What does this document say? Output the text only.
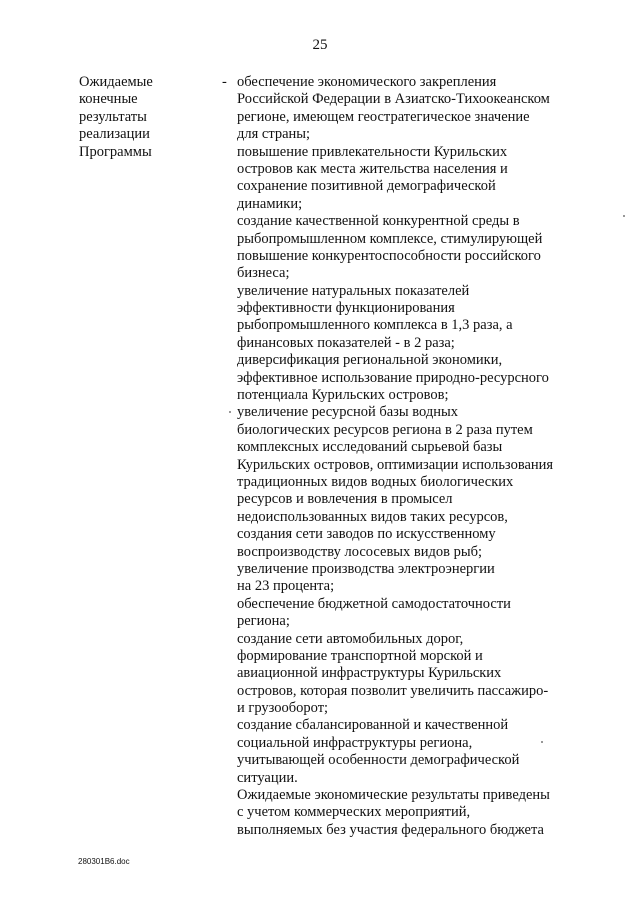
25
Ожидаемые
конечные
результаты
реализации
Программы
- обеспечение экономического закрепления
Российской Федерации в Азиатско-Тихоокеанском
регионе, имеющем геостратегическое значение
для страны;
повышение привлекательности Курильских
островов как места жительства населения и
сохранение позитивной демографической
динамики;
создание качественной конкурентной среды в
рыбопромышленном комплексе, стимулирующей
повышение конкурентоспособности российского
бизнеса;
увеличение натуральных показателей
эффективности функционирования
рыбопромышленного комплекса в 1,3 раза, а
финансовых показателей - в 2 раза;
диверсификация региональной экономики,
эффективное использование природно-ресурсного
потенциала Курильских островов;
увеличение ресурсной базы водных
биологических ресурсов региона в 2 раза путем
комплексных исследований сырьевой базы
Курильских островов, оптимизации использования
традиционных видов водных биологических
ресурсов и вовлечения в промысел
недоиспользованных видов таких ресурсов,
создания сети заводов по искусственному
воспроизводству лососевых видов рыб;
увеличение производства электроэнергии
на 23 процента;
обеспечение бюджетной самодостаточности
региона;
создание сети автомобильных дорог,
формирование транспортной морской и
авиационной инфраструктуры Курильских
островов, которая позволит увеличить пассажиро-
и грузооборот;
создание сбалансированной и качественной
социальной инфраструктуры региона,
учитывающей особенности демографической
ситуации.
Ожидаемые экономические результаты приведены
с учетом коммерческих мероприятий,
выполняемых без участия федерального бюджета
280301B6.doc
